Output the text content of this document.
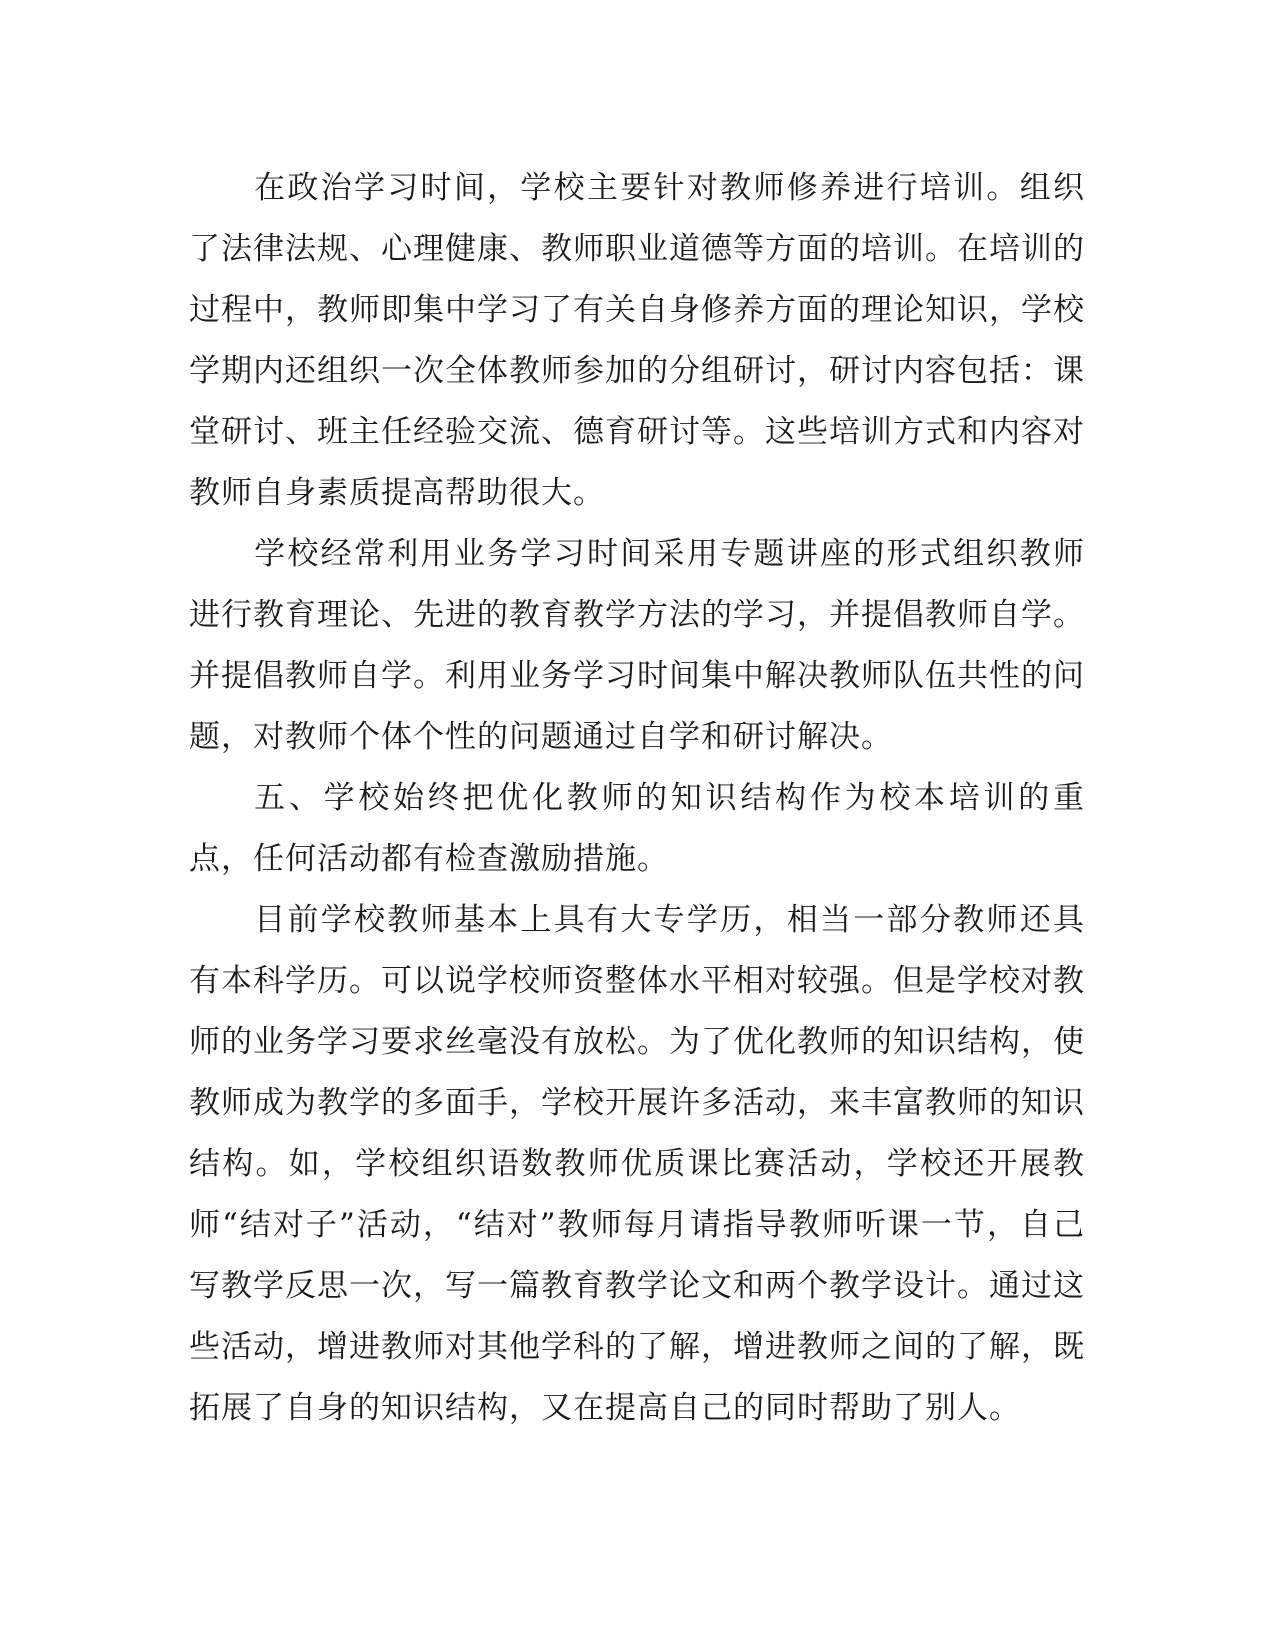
在政治学习时间，学校主要针对教师修养进行培训。组织了法律法规、心理健康、教师职业道德等方面的培训。在培训的过程中，教师即集中学习了有关自身修养方面的理论知识，学校学期内还组织一次全体教师参加的分组研讨，研讨内容包括：课堂研讨、班主任经验交流、德育研讨等。这些培训方式和内容对教师自身素质提高帮助很大。

学校经常利用业务学习时间采用专题讲座的形式组织教师进行教育理论、先进的教育教学方法的学习，并提倡教师自学。并提倡教师自学。利用业务学习时间集中解决教师队伍共性的问题，对教师个体个性的问题通过自学和研讨解决。

五、学校始终把优化教师的知识结构作为校本培训的重点，任何活动都有检查激励措施。

目前学校教师基本上具有大专学历，相当一部分教师还具有本科学历。可以说学校师资整体水平相对较强。但是学校对教师的业务学习要求丝毫没有放松。为了优化教师的知识结构，使教师成为教学的多面手，学校开展许多活动，来丰富教师的知识结构。如，学校组织语数教师优质课比赛活动，学校还开展教师“结对子”活动，“结对”教师每月请指导教师听课一节，自己写教学反思一次，写一篇教育教学论文和两个教学设计。通过这些活动，增进教师对其他学科的了解，增进教师之间的了解，既拓展了自身的知识结构，又在提高自己的同时帮助了别人。
